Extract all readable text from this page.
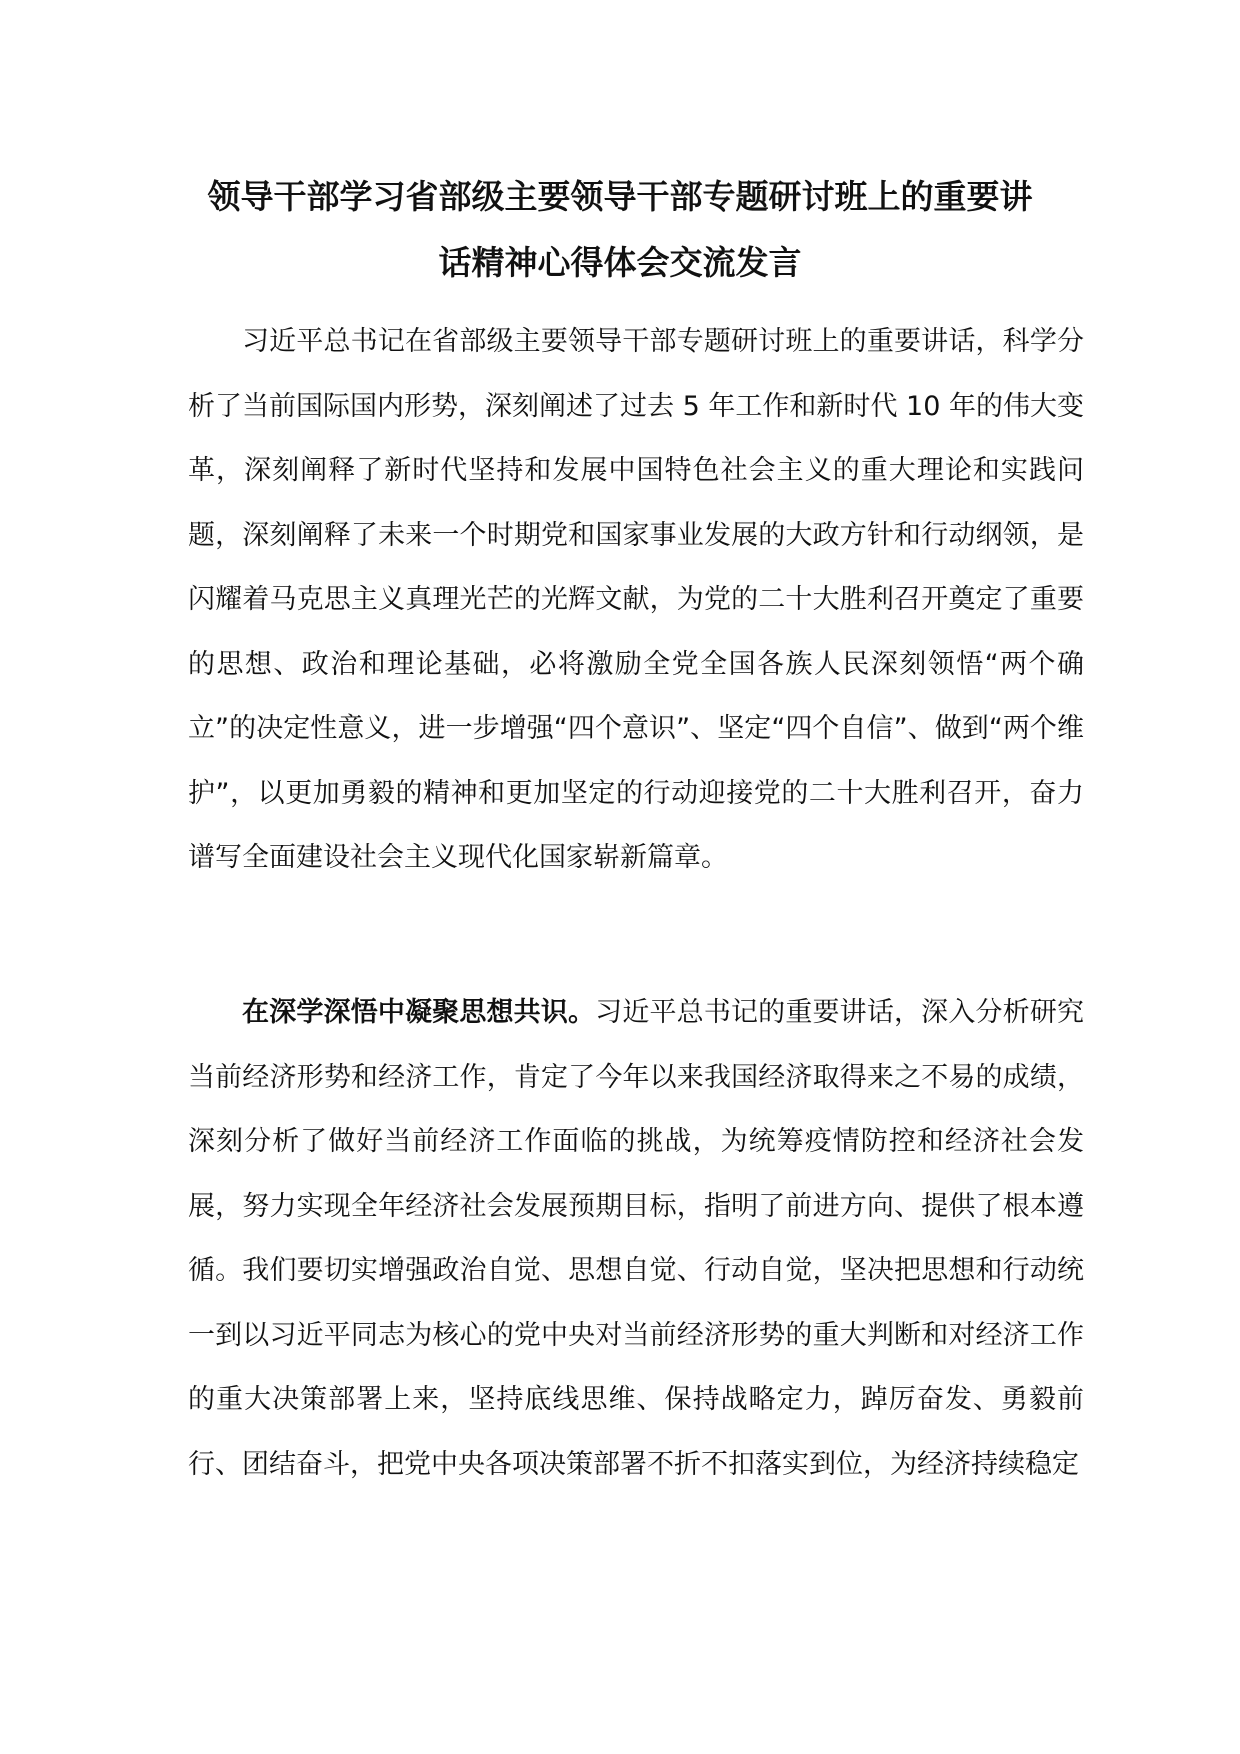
领导干部学习省部级主要领导干部专题研讨班上的重要讲
话精神心得体会交流发言

习近平总书记在省部级主要领导干部专题研讨班上的重要讲话，科学分析了当前国际国内形势，深刻阐述了过去 5 年工作和新时代 10 年的伟大变革，深刻阐释了新时代坚持和发展中国特色社会主义的重大理论和实践问题，深刻阐释了未来一个时期党和国家事业发展的大政方针和行动纲领，是闪耀着马克思主义真理光芒的光辉文献，为党的二十大胜利召开奠定了重要的思想、政治和理论基础，必将激励全党全国各族人民深刻领悟“两个确立”的决定性意义，进一步增强“四个意识”、坚定“四个自信”、做到“两个维护”，以更加勇毅的精神和更加坚定的行动迎接党的二十大胜利召开，奋力谱写全面建设社会主义现代化国家崭新篇章。

在深学深悟中凝聚思想共识。习近平总书记的重要讲话，深入分析研究当前经济形势和经济工作，肯定了今年以来我国经济取得来之不易的成绩，深刻分析了做好当前经济工作面临的挑战，为统筹疫情防控和经济社会发展，努力实现全年经济社会发展预期目标，指明了前进方向、提供了根本遵循。我们要切实增强政治自觉、思想自觉、行动自觉，坚决把思想和行动统一到以习近平同志为核心的党中央对当前经济形势的重大判断和对经济工作的重大决策部署上来，坚持底线思维、保持战略定力，踔厉奋发、勇毅前行、团结奋斗，把党中央各项决策部署不折不扣落实到位，为经济持续稳定
